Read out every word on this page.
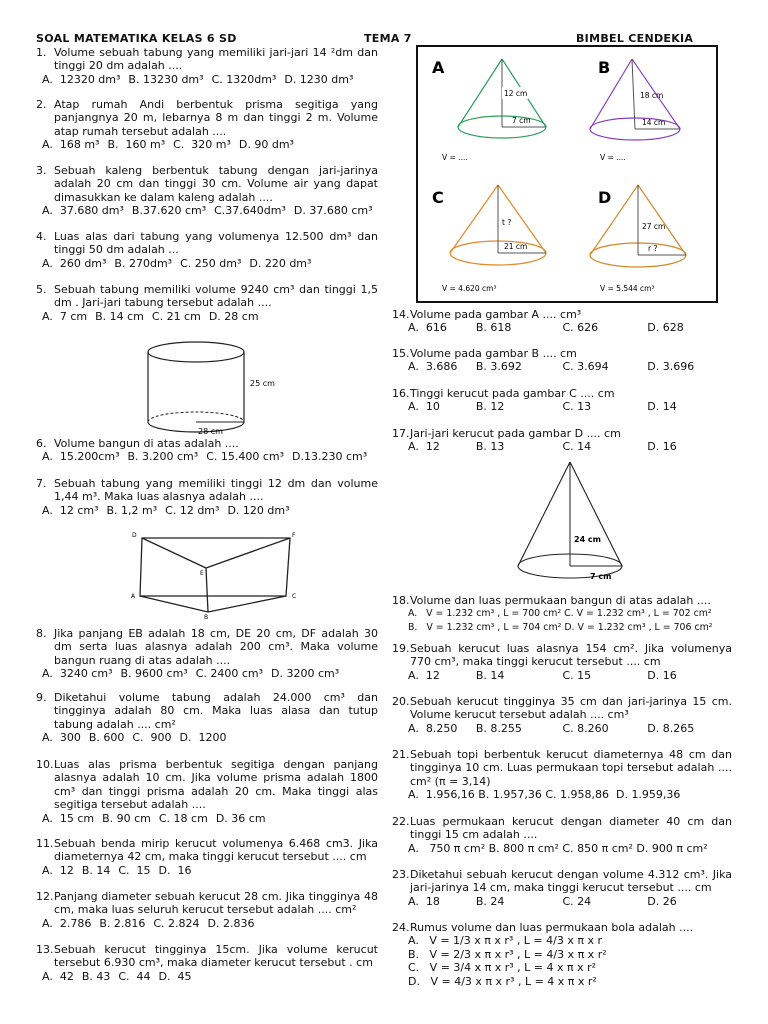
SOAL MATEMATIKA KELAS 6 SD	TEMA 7	BIMBEL CENDEKIA
1. Volume sebuah tabung yang memiliki jari-jari 14 ²dm dan tinggi 20 dm adalah ....
A.  12320 dm³ B. 13230 dm³ C. 1320dm³ D. 1230 dm³
2. Atap rumah Andi berbentuk prisma segitiga yang panjangnya 20 m, lebarnya 8 m dan tinggi 2 m. Volume atap rumah tersebut adalah ....
A.  168 m³ B.  160 m³ C.  320 m³ D. 90 dm³
3. Sebuah kaleng berbentuk tabung dengan jari-jarinya adalah 20 cm dan tinggi 30 cm. Volume air yang dapat dimasukkan ke dalam kaleng adalah ....
A.  37.680 dm³ B.37.620 cm³ C.37.640dm³ D. 37.680 cm³
4. Luas alas dari tabung yang volumenya 12.500 dm³ dan tinggi 50 dm adalah ...
A.  260 dm³ B. 270dm³ C. 250 dm³ D. 220 dm³
5. Sebuah tabung memiliki volume 9240 cm³ dan tinggi 1,5 dm . Jari-jari tabung tersebut adalah ....
A.  7 cm B. 14 cm C. 21 cm D. 28 cm
6. Volume bangun di atas adalah ....
A.  15.200cm³ B. 3.200 cm³ C. 15.400 cm³ D.13.230 cm³
7. Sebuah tabung yang memiliki tinggi 12 dm dan volume 1,44 m³. Maka luas alasnya adalah ....
A.  12 cm³ B. 1,2 m³ C. 12 dm³ D. 120 dm³
8. Jika panjang EB adalah 18 cm, DE 20 cm, DF adalah 30 dm serta luas alasnya adalah 200 cm³. Maka volume bangun ruang di atas adalah ....
A.  3240 cm³ B. 9600 cm³ C. 2400 cm³ D. 3200 cm³
9. Diketahui volume tabung adalah 24.000 cm³ dan tingginya adalah 80 cm. Maka luas alasa dan tutup tabung adalah .... cm²
A.  300 B. 600 C.  900 D.  1200
10. Luas alas prisma berbentuk segitiga dengan panjang alasnya adalah 10 cm. Jika volume prisma adalah 1800 cm³ dan tinggi prisma adalah 20 cm. Maka tinggi alas segitiga tersebut adalah ....
A.  15 cm B. 90 cm C. 18 cm D. 36 cm
11. Sebuah benda mirip kerucut volumenya 6.468 cm3. Jika diameternya 42 cm, maka tinggi kerucut tersebut .... cm
A.  12 B. 14 C.  15 D.  16
12. Panjang diameter sebuah kerucut 28 cm. Jika tingginya 48 cm, maka luas seluruh kerucut tersebut adalah .... cm²
A.  2.786 B. 2.816 C. 2.824 D. 2.836
13. Sebuah kerucut tingginya 15cm. Jika volume kerucut tersebut 6.930 cm³, maka diameter kerucut tersebut . cm
A.  42 B. 43 C.  44 D.  45
25 cm
28 cm
D	F
E
A	C
B
A
12 cm
7 cm
V = ....
B
18 cm
14 cm
V = ....
C
t ?
21 cm
V = 4.620 cm³
D
27 cm
r ?
V = 5.544 cm³
24 cm
7 cm
14. Volume pada gambar A .... cm³
A.  616	B. 618	C. 626	D. 628
15. Volume pada gambar B .... cm
A.  3.686	B. 3.692	C. 3.694	D. 3.696
16. Tinggi kerucut pada gambar C .... cm
A.  10	B. 12	C. 13	D. 14
17. Jari-jari kerucut pada gambar D .... cm
A.  12	B. 13	C. 14	D. 16
18. Volume dan luas permukaan bangun di atas adalah ....
A.   V = 1.232 cm³ , L = 700 cm² C. V = 1.232 cm³ , L = 702 cm²
B.   V = 1.232 cm³ , L = 704 cm² D. V = 1.232 cm³ , L = 706 cm²
19. Sebuah kerucut luas alasnya 154 cm². Jika volumenya 770 cm³, maka tinggi kerucut tersebut .... cm
A.  12	B. 14	C. 15	D. 16
20. Sebuah kerucut tingginya 35 cm dan jari-jarinya 15 cm. Volume kerucut tersebut adalah .... cm³
A.  8.250	B. 8.255	C. 8.260	D. 8.265
21. Sebuah topi berbentuk kerucut diameternya 48 cm dan tingginya 10 cm. Luas permukaan topi tersebut adalah .... cm² (π = 3,14)
A.  1.956,16 B. 1.957,36 C. 1.958,86  D. 1.959,36
22. Luas permukaan kerucut dengan diameter 40 cm dan tinggi 15 cm adalah ....
A.   750 π cm² B. 800 π cm² C. 850 π cm² D. 900 π cm²
23. Diketahui sebuah kerucut dengan volume 4.312 cm³. Jika jari-jarinya 14 cm, maka tinggi kerucut tersebut .... cm
A.  18	B. 24	C. 24	D. 26
24. Rumus volume dan luas permukaan bola adalah ....
A.   V = 1/3 x π x r³ , L = 4/3 x π x r
B.   V = 2/3 x π x r³ , L = 4/3 x π x r²
C.   V = 3/4 x π x r³ , L = 4 x π x r²
D.   V = 4/3 x π x r³ , L = 4 x π x r²
